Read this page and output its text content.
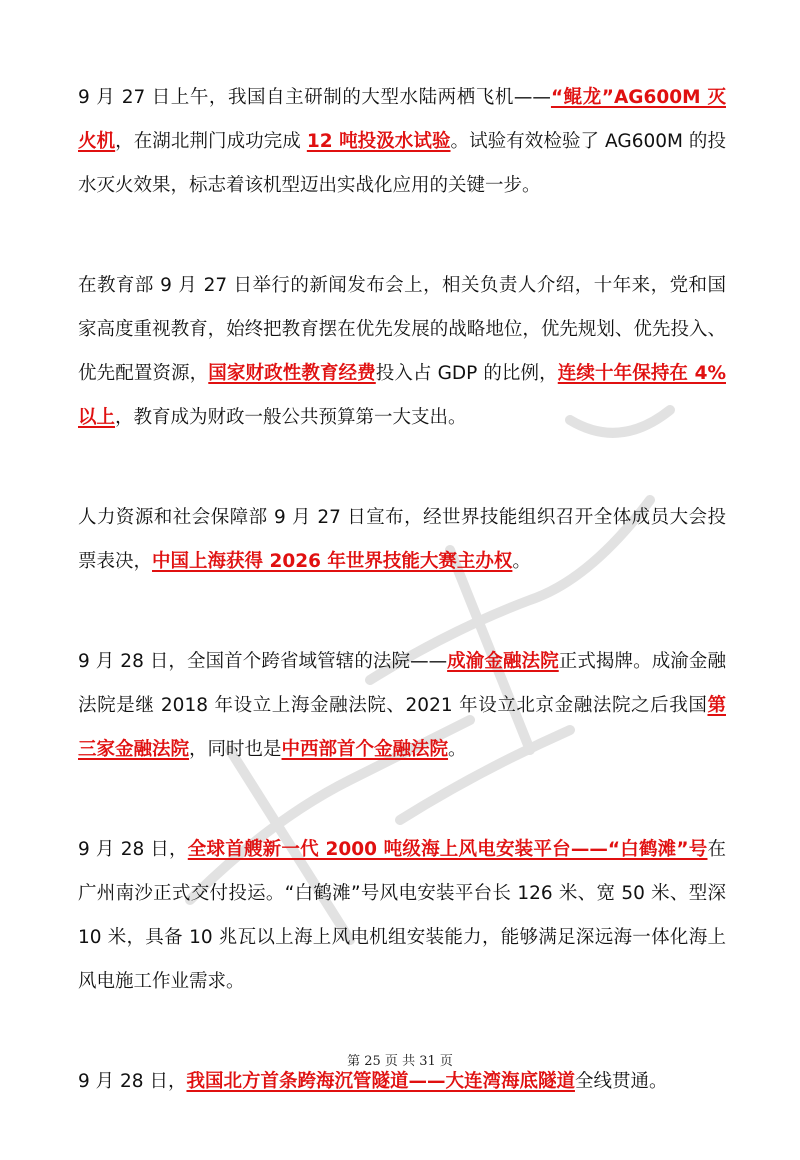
9 月 27 日上午，我国自主研制的大型水陆两栖飞机——“鲲龙”AG600M 灭火机，在湖北荆门成功完成 12 吨投汲水试验。试验有效检验了 AG600M 的投水灭火效果，标志着该机型迈出实战化应用的关键一步。

在教育部 9 月 27 日举行的新闻发布会上，相关负责人介绍，十年来，党和国家高度重视教育，始终把教育摆在优先发展的战略地位，优先规划、优先投入、优先配置资源，国家财政性教育经费投入占 GDP 的比例，连续十年保持在 4%以上，教育成为财政一般公共预算第一大支出。

人力资源和社会保障部 9 月 27 日宣布，经世界技能组织召开全体成员大会投票表决，中国上海获得 2026 年世界技能大赛主办权。

9 月 28 日，全国首个跨省域管辖的法院——成渝金融法院正式揭牌。成渝金融法院是继 2018 年设立上海金融法院、2021 年设立北京金融法院之后我国第三家金融法院，同时也是中西部首个金融法院。

9 月 28 日，全球首艘新一代 2000 吨级海上风电安装平台——“白鹤滩”号在广州南沙正式交付投运。“白鹤滩”号风电安装平台长 126 米、宽 50 米、型深 10 米，具备 10 兆瓦以上海上风电机组安装能力，能够满足深远海一体化海上风电施工作业需求。

9 月 28 日，我国北方首条跨海沉管隧道——大连湾海底隧道全线贯通。

第 25 页 共 31 页
